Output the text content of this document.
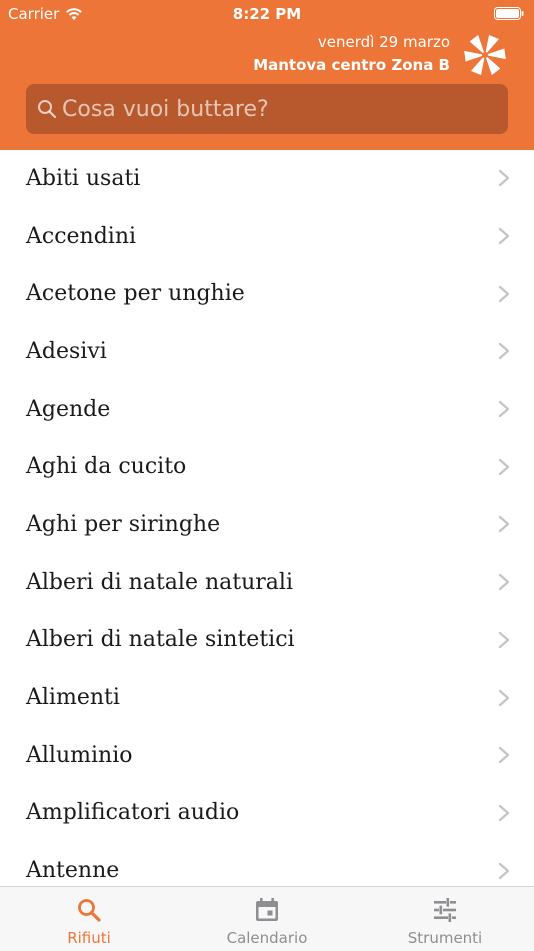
Carrier	8:22 PM
venerdì 29 marzo
Mantova centro Zona B
Cosa vuoi buttare?
Abiti usati
Accendini
Acetone per unghie
Adesivi
Agende
Aghi da cucito
Aghi per siringhe
Alberi di natale naturali
Alberi di natale sintetici
Alimenti
Alluminio
Amplificatori audio
Antenne
Rifiuti	Calendario	Strumenti
